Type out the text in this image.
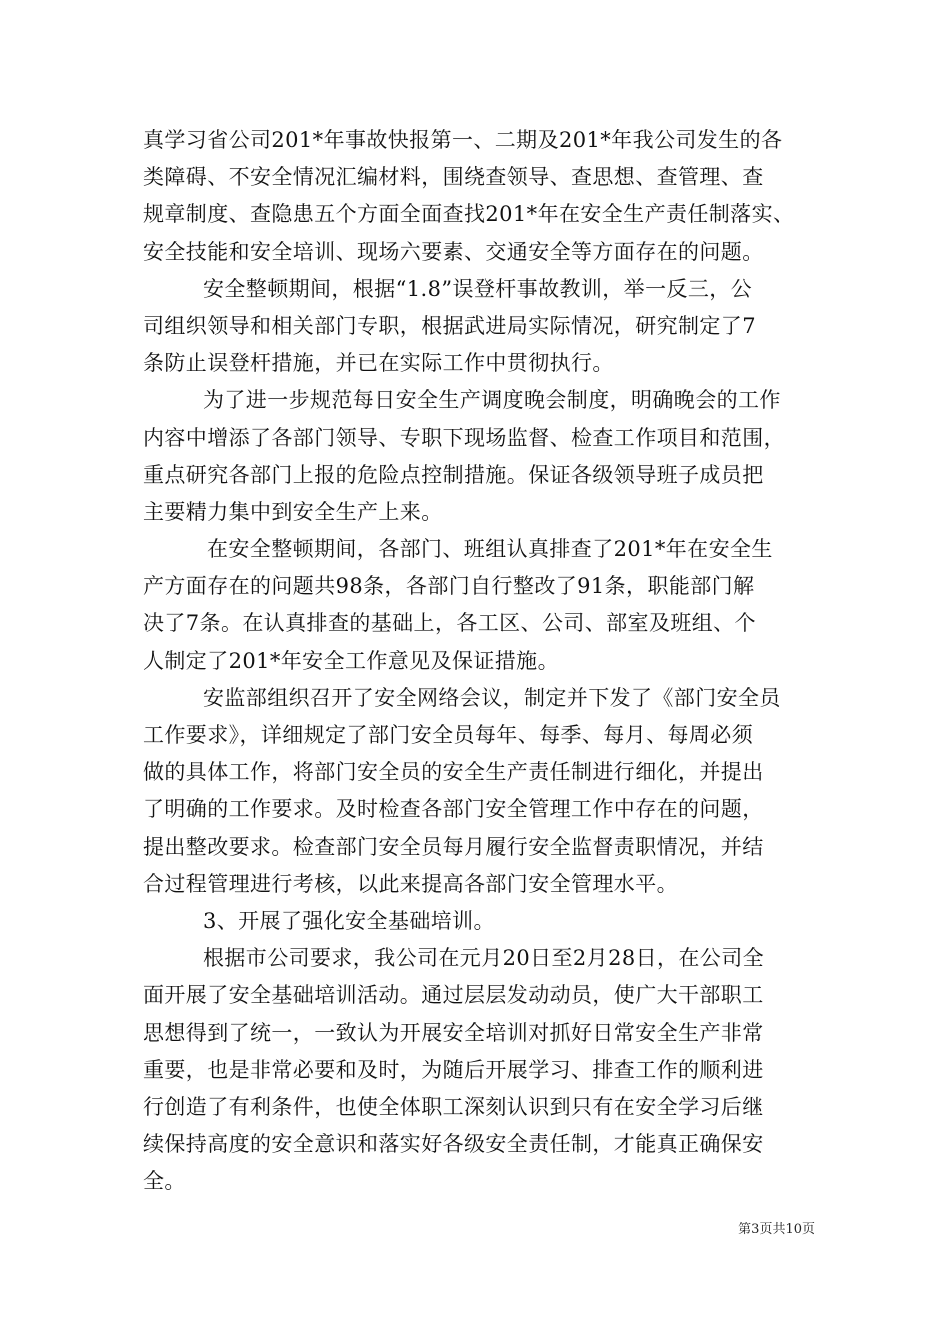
真学习省公司201*年事故快报第一、二期及201*年我公司发生的各
类障碍、不安全情况汇编材料，围绕查领导、查思想、查管理、查
规章制度、查隐患五个方面全面查找201*年在安全生产责任制落实、
安全技能和安全培训、现场六要素、交通安全等方面存在的问题。
安全整顿期间，根据“1.8”误登杆事故教训，举一反三，公
司组织领导和相关部门专职，根据武进局实际情况，研究制定了7
条防止误登杆措施，并已在实际工作中贯彻执行。
为了进一步规范每日安全生产调度晚会制度，明确晚会的工作
内容中增添了各部门领导、专职下现场监督、检查工作项目和范围，
重点研究各部门上报的危险点控制措施。保证各级领导班子成员把
主要精力集中到安全生产上来。
在安全整顿期间，各部门、班组认真排查了201*年在安全生
产方面存在的问题共98条，各部门自行整改了91条，职能部门解
决了7条。在认真排查的基础上，各工区、公司、部室及班组、个
人制定了201*年安全工作意见及保证措施。
安监部组织召开了安全网络会议，制定并下发了《部门安全员
工作要求》，详细规定了部门安全员每年、每季、每月、每周必须
做的具体工作，将部门安全员的安全生产责任制进行细化，并提出
了明确的工作要求。及时检查各部门安全管理工作中存在的问题，
提出整改要求。检查部门安全员每月履行安全监督责职情况，并结
合过程管理进行考核，以此来提高各部门安全管理水平。
3、开展了强化安全基础培训。
根据市公司要求，我公司在元月20日至2月28日，在公司全
面开展了安全基础培训活动。通过层层发动动员，使广大干部职工
思想得到了统一，一致认为开展安全培训对抓好日常安全生产非常
重要，也是非常必要和及时，为随后开展学习、排查工作的顺利进
行创造了有利条件，也使全体职工深刻认识到只有在安全学习后继
续保持高度的安全意识和落实好各级安全责任制，才能真正确保安
全。
第3页共10页
